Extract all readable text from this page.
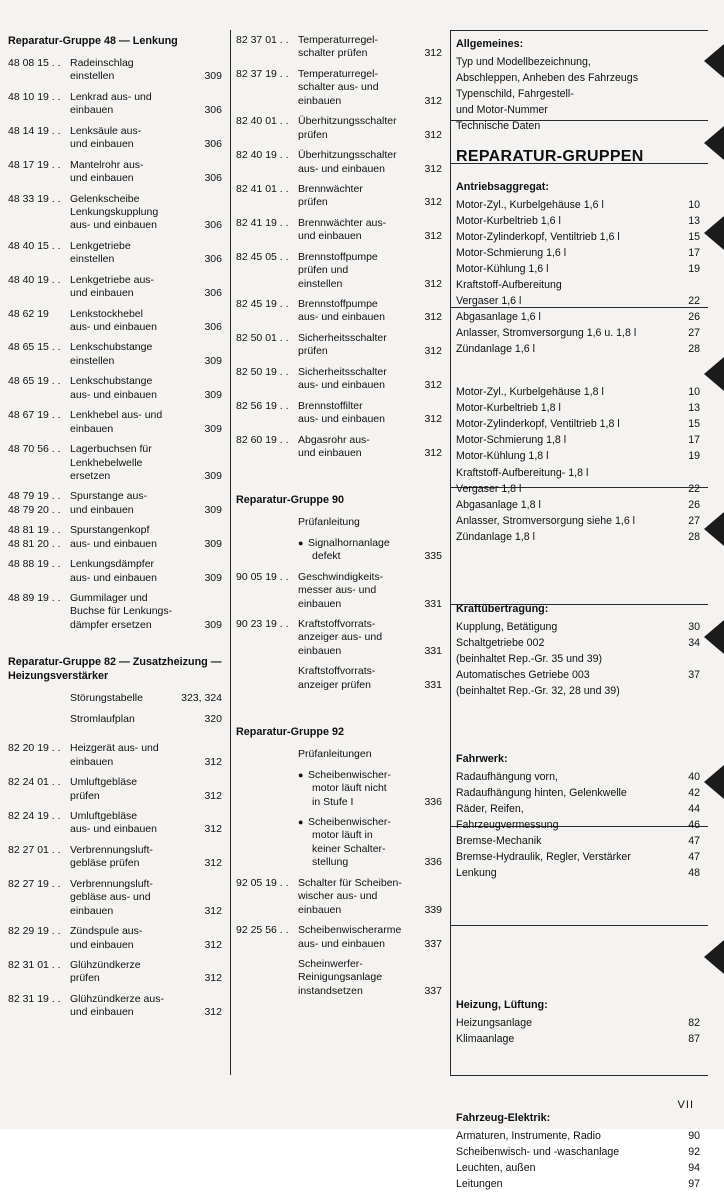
Reparatur-Gruppe 48 — Lenkung
48 08 15 . . Radeinschlag
einstellen	309
48 10 19 . . Lenkrad aus- und
einbauen	306
48 14 19 . . Lenksäule aus-
und einbauen	306
48 17 19 . . Mantelrohr aus-
und einbauen	306
48 33 19 . . Gelenkscheibe
Lenkungskupplung
aus- und einbauen	306
48 40 15 . . Lenkgetriebe
einstellen	306
48 40 19 . . Lenkgetriebe aus-
und einbauen	306
48 62 19	Lenkstockhebel
aus- und einbauen	306
48 65 15 . . Lenkschubstange
einstellen	309
48 65 19 . . Lenkschubstange
aus- und einbauen	309
48 67 19 . . Lenkhebel aus- und
einbauen	309
48 70 56 . . Lagerbuchsen für
Lenkhebelwelle
ersetzen	309
48 79 19 . . Spurstange aus-
48 79 20 . . und einbauen	309
48 81 19 . . Spurstangenkopf
48 81 20 . . aus- und einbauen	309
48 88 19 . . Lenkungsdämpfer
aus- und einbauen	309
48 89 19 . . Gummilager und
Buchse für Lenkungs-
dämpfer ersetzen	309
Reparatur-Gruppe 82 — Zusatzheizung — Heizungsverstärker
Störungstabelle	323, 324
Stromlaufplan	320
82 20 19 . . Heizgerät aus- und
einbauen	312
82 24 01 . . Umluftgebläse
prüfen	312
82 24 19 . . Umluftgebläse
aus- und einbauen	312
82 27 01 . . Verbrennungsluft-
gebläse prüfen	312
82 27 19 . . Verbrennungsluft-
gebläse aus- und
einbauen	312
82 29 19 . . Zündspule aus-
und einbauen	312
82 31 01 . . Glühzündkerze
prüfen	312
82 31 19 . . Glühzündkerze aus-
und einbauen	312
82 37 01 . . Temperaturregel-
schalter prüfen	312
82 37 19 . . Temperaturregel-
schalter aus- und
einbauen	312
82 40 01 . . Überhitzungsschalter
prüfen	312
82 40 19 . . Überhitzungsschalter
aus- und einbauen	312
82 41 01 . . Brennwächter
prüfen	312
82 41 19 . . Brennwächter aus-
und einbauen	312
82 45 05 . . Brennstoffpumpe
prüfen und
einstellen	312
82 45 19 . . Brennstoffpumpe
aus- und einbauen	312
82 50 01 . . Sicherheitsschalter
prüfen	312
82 50 19 . . Sicherheitsschalter
aus- und einbauen	312
82 56 19 . . Brennstoffilter
aus- und einbauen	312
82 60 19 . . Abgasrohr aus-
und einbauen	312
Reparatur-Gruppe 90
Prüfanleitung
● Signalhornanlage
defekt	335
90 05 19 . . Geschwindigkeits-
messer aus- und
einbauen	331
90 23 19 . . Kraftstoffvorrats-
anzeiger aus- und
einbauen	331
Kraftstoffvorrats-
anzeiger prüfen	331
Reparatur-Gruppe 92
Prüfanleitungen
● Scheibenwischer-
motor läuft nicht
in Stufe I	336
● Scheibenwischer-
motor läuft in
keiner Schalter-
stellung	336
92 05 19 . . Schalter für Scheiben-
wischer aus- und
einbauen	339
92 25 56 . . Scheibenwischerarme
aus- und einbauen	337
Scheinwerfer-
Reinigungsanlage
instandsetzen	337
Allgemeines:
Typ und Modellbezeichnung,
Abschleppen, Anheben des Fahrzeugs
Typenschild, Fahrgestell-
und Motor-Nummer
Technische Daten
REPARATUR-GRUPPEN
Antriebsaggregat:
Motor-Zyl., Kurbelgehäuse 1,6 l	10
Motor-Kurbeltrieb 1,6 l	13
Motor-Zylinderkopf, Ventiltrieb 1,6 l	15
Motor-Schmierung 1,6 l	17
Motor-Kühlung 1,6 l	19
Kraftstoff-Aufbereitung
Vergaser 1,6 l	22
Abgasanlage 1,6 l	26
Anlasser, Stromversorgung 1,6 u. 1,8 l	27
Zündanlage 1,6 l	28
Motor-Zyl., Kurbelgehäuse 1,8 l	10
Motor-Kurbeltrieb 1,8 l	13
Motor-Zylinderkopf, Ventiltrieb 1,8 l	15
Motor-Schmierung 1,8 l	17
Motor-Kühlung 1,8 l	19
Kraftstoff-Aufbereitung- 1,8 l
Vergaser 1,8 l	22
Abgasanlage 1,8 l	26
Anlasser, Stromversorgung siehe 1,6 l	27
Zündanlage 1,8 l	28
Kraftübertragung:
Kupplung, Betätigung	30
Schaltgetriebe 002	34
(beinhaltet Rep.-Gr. 35 und 39)
Automatisches Getriebe 003	37
(beinhaltet Rep.-Gr. 32, 28 und 39)
Fahrwerk:
Radaufhängung vorn,	40
Radaufhängung hinten, Gelenkwelle	42
Räder, Reifen,	44
Fahrzeugvermessung	46
Bremse-Mechanik	47
Bremse-Hydraulik, Regler, Verstärker	47
Lenkung	48
Heizung, Lüftung:
Heizungsanlage	82
Klimaanlage	87
Fahrzeug-Elektrik:
Armaturen, Instrumente, Radio	90
Scheibenwisch- und -waschanlage	92
Leuchten, außen	94
Leitungen	97
VII
